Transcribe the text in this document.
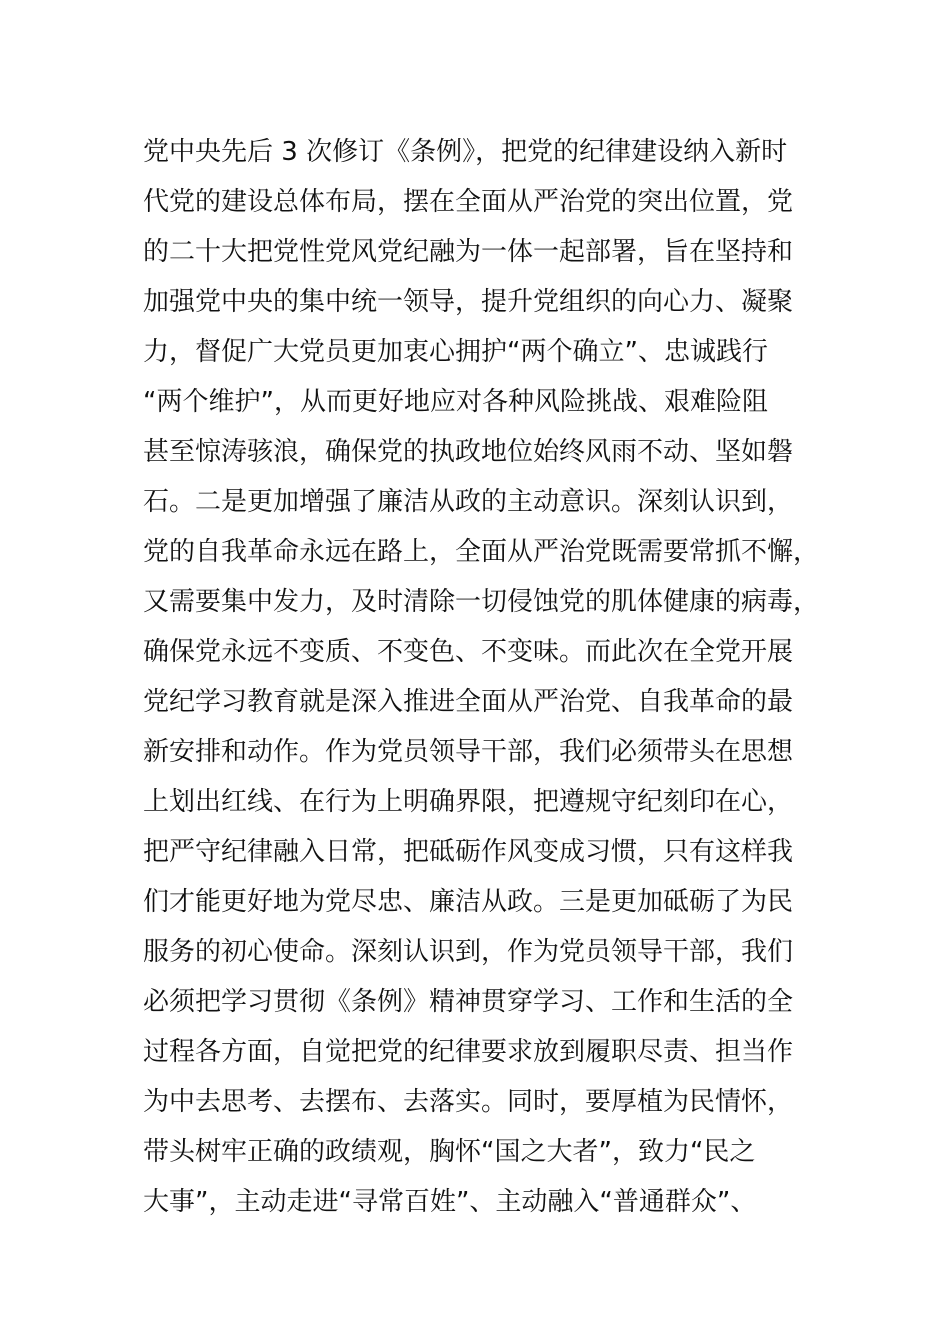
党中央先后 3 次修订《条例》，把党的纪律建设纳入新时
代党的建设总体布局，摆在全面从严治党的突出位置，党
的二十大把党性党风党纪融为一体一起部署，旨在坚持和
加强党中央的集中统一领导，提升党组织的向心力、凝聚
力，督促广大党员更加衷心拥护“两个确立”、忠诚践行
“两个维护”，从而更好地应对各种风险挑战、艰难险阻
甚至惊涛骇浪，确保党的执政地位始终风雨不动、坚如磐
石。二是更加增强了廉洁从政的主动意识。深刻认识到，
党的自我革命永远在路上，全面从严治党既需要常抓不懈，
又需要集中发力，及时清除一切侵蚀党的肌体健康的病毒，
确保党永远不变质、不变色、不变味。而此次在全党开展
党纪学习教育就是深入推进全面从严治党、自我革命的最
新安排和动作。作为党员领导干部，我们必须带头在思想
上划出红线、在行为上明确界限，把遵规守纪刻印在心，
把严守纪律融入日常，把砥砺作风变成习惯，只有这样我
们才能更好地为党尽忠、廉洁从政。三是更加砥砺了为民
服务的初心使命。深刻认识到，作为党员领导干部，我们
必须把学习贯彻《条例》精神贯穿学习、工作和生活的全
过程各方面，自觉把党的纪律要求放到履职尽责、担当作
为中去思考、去摆布、去落实。同时，要厚植为民情怀，
带头树牢正确的政绩观，胸怀“国之大者”，致力“民之
大事”，主动走进“寻常百姓”、主动融入“普通群众”、
